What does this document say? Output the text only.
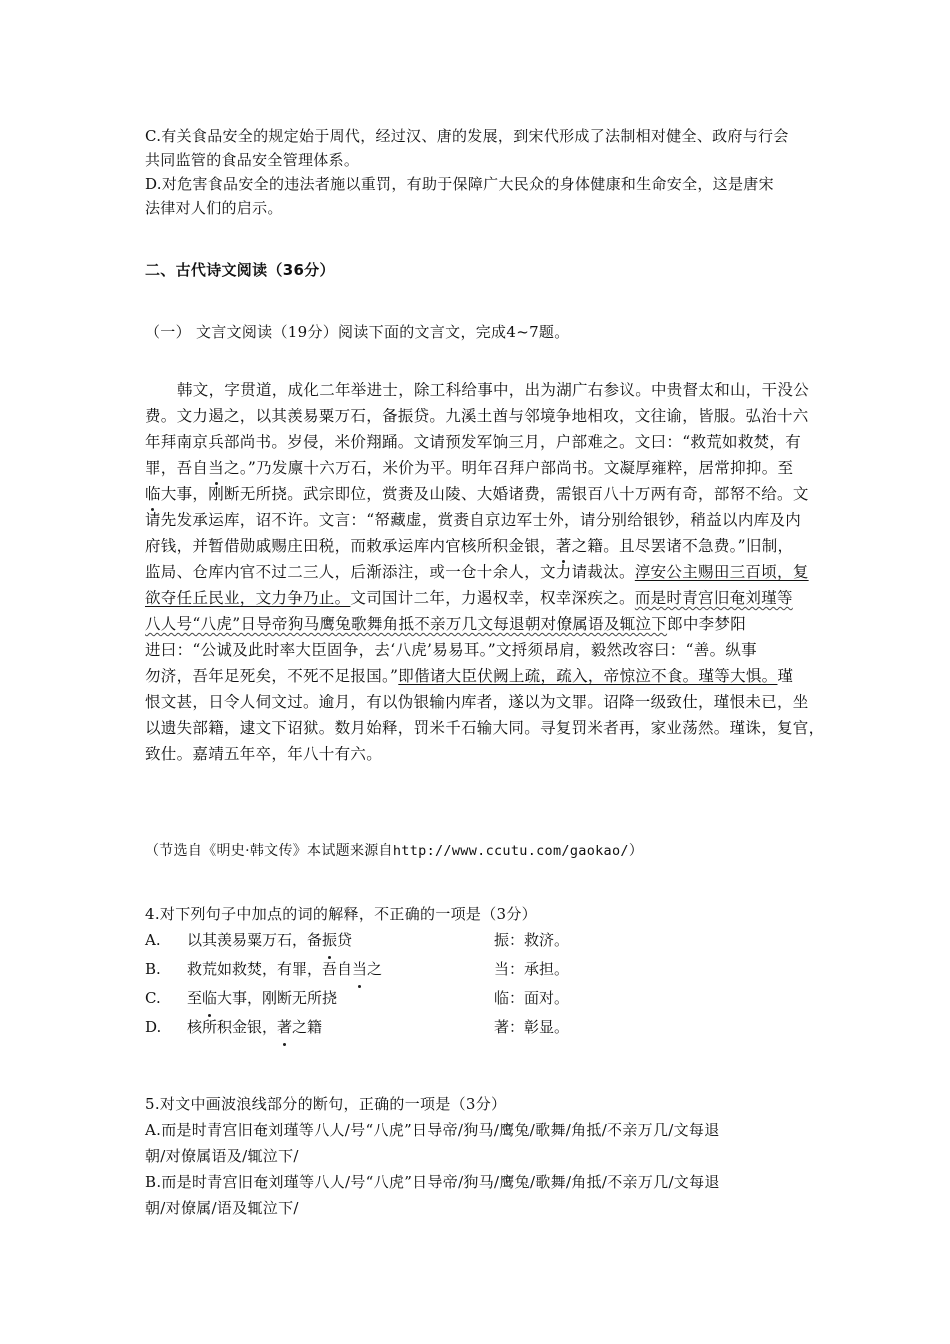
C.有关食品安全的规定始于周代，经过汉、唐的发展，到宋代形成了法制相对健全、政府与行会
共同监管的食品安全管理体系。
D.对危害食品安全的违法者施以重罚，有助于保障广大民众的身体健康和生命安全，这是唐宋
法律对人们的启示。
二、古代诗文阅读（36分）
（一） 文言文阅读（19分）阅读下面的文言文，完成4~7题。
韩文，字贯道，成化二年举进士，除工科给事中，出为湖广右参议。中贵督太和山，干没公
费。文力遏之，以其羡易粟万石，备振贷。九溪土酋与邻境争地相攻，文往谕，皆服。弘治十六
年拜南京兵部尚书。岁侵，米价翔踊。文请预发军饷三月，户部难之。文曰：“救荒如救焚，有
罪，吾自当之。”乃发廪十六万石，米价为平。明年召拜户部尚书。文凝厚雍粹，居常抑抑。至
临大事，刚断无所挠。武宗即位，赏赉及山陵、大婚诸费，需银百八十万两有奇，部帑不给。文
请先发承运库，诏不许。文言：“帑藏虚，赏赉自京边军士外，请分别给银钞，稍益以内库及内
府钱，并暂借勋戚赐庄田税，而敕承运库内官核所积金银，著之籍。且尽罢诸不急费。”旧制，
监局、仓库内官不过二三人，后渐添注，或一仓十余人，文力请裁汰。淳安公主赐田三百顷，复
欲夺任丘民业，文力争乃止。文司国计二年，力遏权幸，权幸深疾之。而是时青宫旧奄刘瑾等
八人号“八虎”日导帝狗马鹰兔歌舞角抵不亲万几文每退朝对僚属语及辄泣下郎中李梦阳
进曰：“公诚及此时率大臣固争，去‘八虎’易易耳。”文捋须昂肩，毅然改容曰：“善。纵事
勿济，吾年足死矣，不死不足报国。”即偕诸大臣伏阙上疏，疏入，帝惊泣不食。瑾等大惧。瑾
恨文甚，日令人伺文过。逾月，有以伪银输内库者，遂以为文罪。诏降一级致仕，瑾恨未已，坐
以遗失部籍，逮文下诏狱。数月始释，罚米千石输大同。寻复罚米者再，家业荡然。瑾诛，复官，
致仕。嘉靖五年卒，年八十有六。
（节选自《明史·韩文传》本试题来源自http://www.ccutu.com/gaokao/）
4.对下列句子中加点的词的解释，不正确的一项是（3分）
A. 以其羡易粟万石，备振贷	振：救济。
B. 救荒如救焚，有罪，吾自当之	当：承担。
C. 至临大事，刚断无所挠	临：面对。
D. 核所积金银，著之籍	著：彰显。
5.对文中画波浪线部分的断句，正确的一项是（3分）
A.而是时青宫旧奄刘瑾等八人/号“八虎”日导帝/狗马/鹰兔/歌舞/角抵/不亲万几/文每退
朝/对僚属语及/辄泣下/
B.而是时青宫旧奄刘瑾等八人/号“八虎”日导帝/狗马/鹰兔/歌舞/角抵/不亲万几/文每退
朝/对僚属/语及辄泣下/
